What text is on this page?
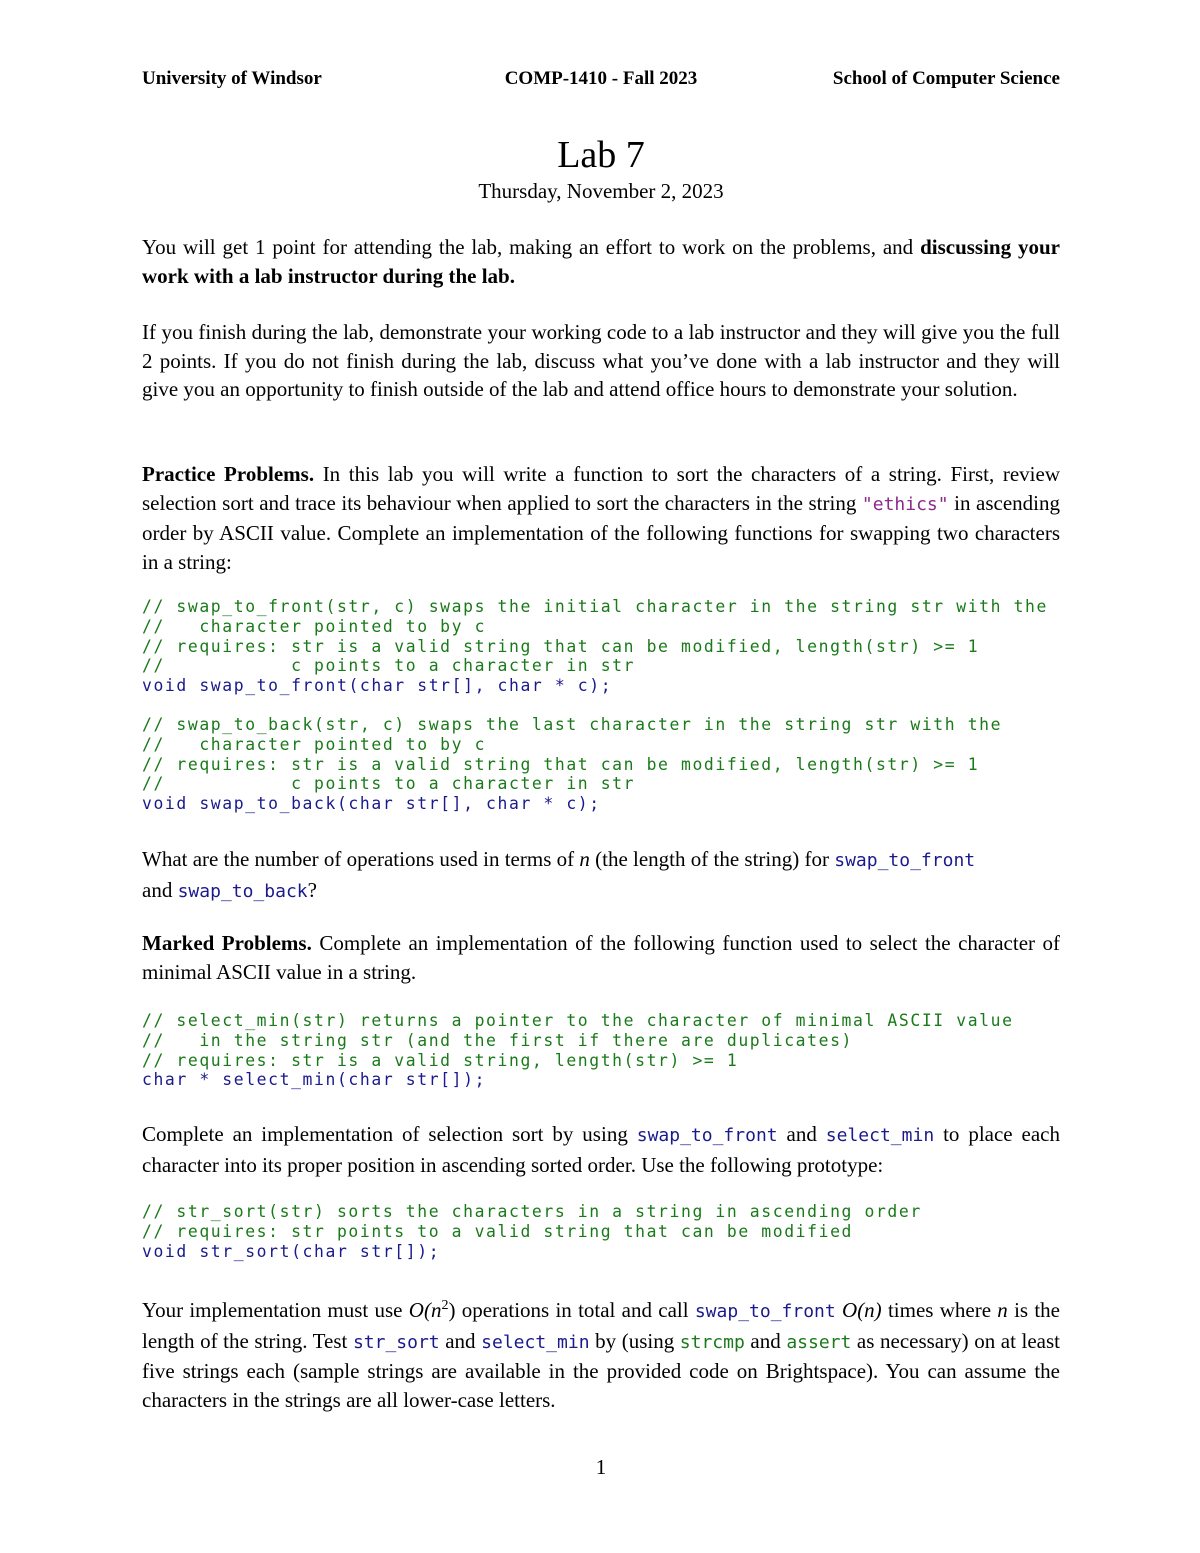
University of Windsor	COMP-1410 - Fall 2023	School of Computer Science
Lab 7
Thursday, November 2, 2023
You will get 1 point for attending the lab, making an effort to work on the problems, and discussing your work with a lab instructor during the lab.
If you finish during the lab, demonstrate your working code to a lab instructor and they will give you the full 2 points. If you do not finish during the lab, discuss what you’ve done with a lab instructor and they will give you an opportunity to finish outside of the lab and attend office hours to demonstrate your solution.
Practice Problems. In this lab you will write a function to sort the characters of a string. First, review selection sort and trace its behaviour when applied to sort the characters in the string "ethics" in ascending order by ASCII value. Complete an implementation of the following functions for swapping two characters in a string:
// swap_to_front(str, c) swaps the initial character in the string str with the
//   character pointed to by c
// requires: str is a valid string that can be modified, length(str) >= 1
//           c points to a character in str
void swap_to_front(char str[], char * c);
// swap_to_back(str, c) swaps the last character in the string str with the
//   character pointed to by c
// requires: str is a valid string that can be modified, length(str) >= 1
//           c points to a character in str
void swap_to_back(char str[], char * c);
What are the number of operations used in terms of n (the length of the string) for swap_to_front
and swap_to_back?
Marked Problems. Complete an implementation of the following function used to select the character of minimal ASCII value in a string.
// select_min(str) returns a pointer to the character of minimal ASCII value
//   in the string str (and the first if there are duplicates)
// requires: str is a valid string, length(str) >= 1
char * select_min(char str[]);
Complete an implementation of selection sort by using swap_to_front and select_min to place each character into its proper position in ascending sorted order. Use the following prototype:
// str_sort(str) sorts the characters in a string in ascending order
// requires: str points to a valid string that can be modified
void str_sort(char str[]);
Your implementation must use $O(n^2)$ operations in total and call swap_to_front O(n) times where n is the length of the string. Test str_sort and select_min by (using strcmp and assert as necessary) on at least five strings each (sample strings are available in the provided code on Brightspace). You can assume the characters in the strings are all lower-case letters.
1
